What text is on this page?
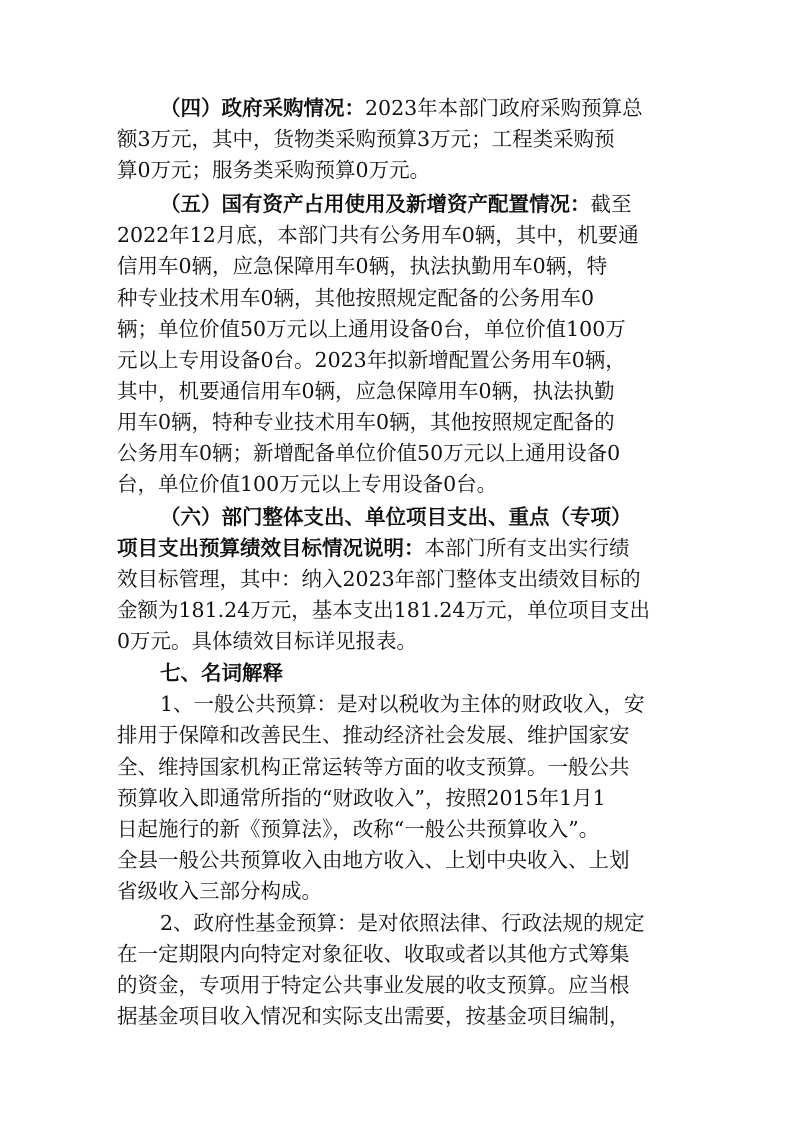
（四）政府采购情况：2023年本部门政府采购预算总
额3万元，其中，货物类采购预算3万元；工程类采购预
算0万元；服务类采购预算0万元。
（五）国有资产占用使用及新增资产配置情况：截至
2022年12月底，本部门共有公务用车0辆，其中，机要通
信用车0辆，应急保障用车0辆，执法执勤用车0辆，特
种专业技术用车0辆，其他按照规定配备的公务用车0
辆；单位价值50万元以上通用设备0台，单位价值100万
元以上专用设备0台。2023年拟新增配置公务用车0辆，
其中，机要通信用车0辆，应急保障用车0辆，执法执勤
用车0辆，特种专业技术用车0辆，其他按照规定配备的
公务用车0辆；新增配备单位价值50万元以上通用设备0
台，单位价值100万元以上专用设备0台。
（六）部门整体支出、单位项目支出、重点（专项）
项目支出预算绩效目标情况说明：本部门所有支出实行绩
效目标管理，其中：纳入2023年部门整体支出绩效目标的
金额为181.24万元，基本支出181.24万元，单位项目支出
0万元。具体绩效目标详见报表。
七、名词解释
1、一般公共预算：是对以税收为主体的财政收入，安
排用于保障和改善民生、推动经济社会发展、维护国家安
全、维持国家机构正常运转等方面的收支预算。一般公共
预算收入即通常所指的“财政收入”，按照2015年1月1
日起施行的新《预算法》，改称“一般公共预算收入”。
全县一般公共预算收入由地方收入、上划中央收入、上划
省级收入三部分构成。
2、政府性基金预算：是对依照法律、行政法规的规定
在一定期限内向特定对象征收、收取或者以其他方式筹集
的资金，专项用于特定公共事业发展的收支预算。应当根
据基金项目收入情况和实际支出需要，按基金项目编制，
